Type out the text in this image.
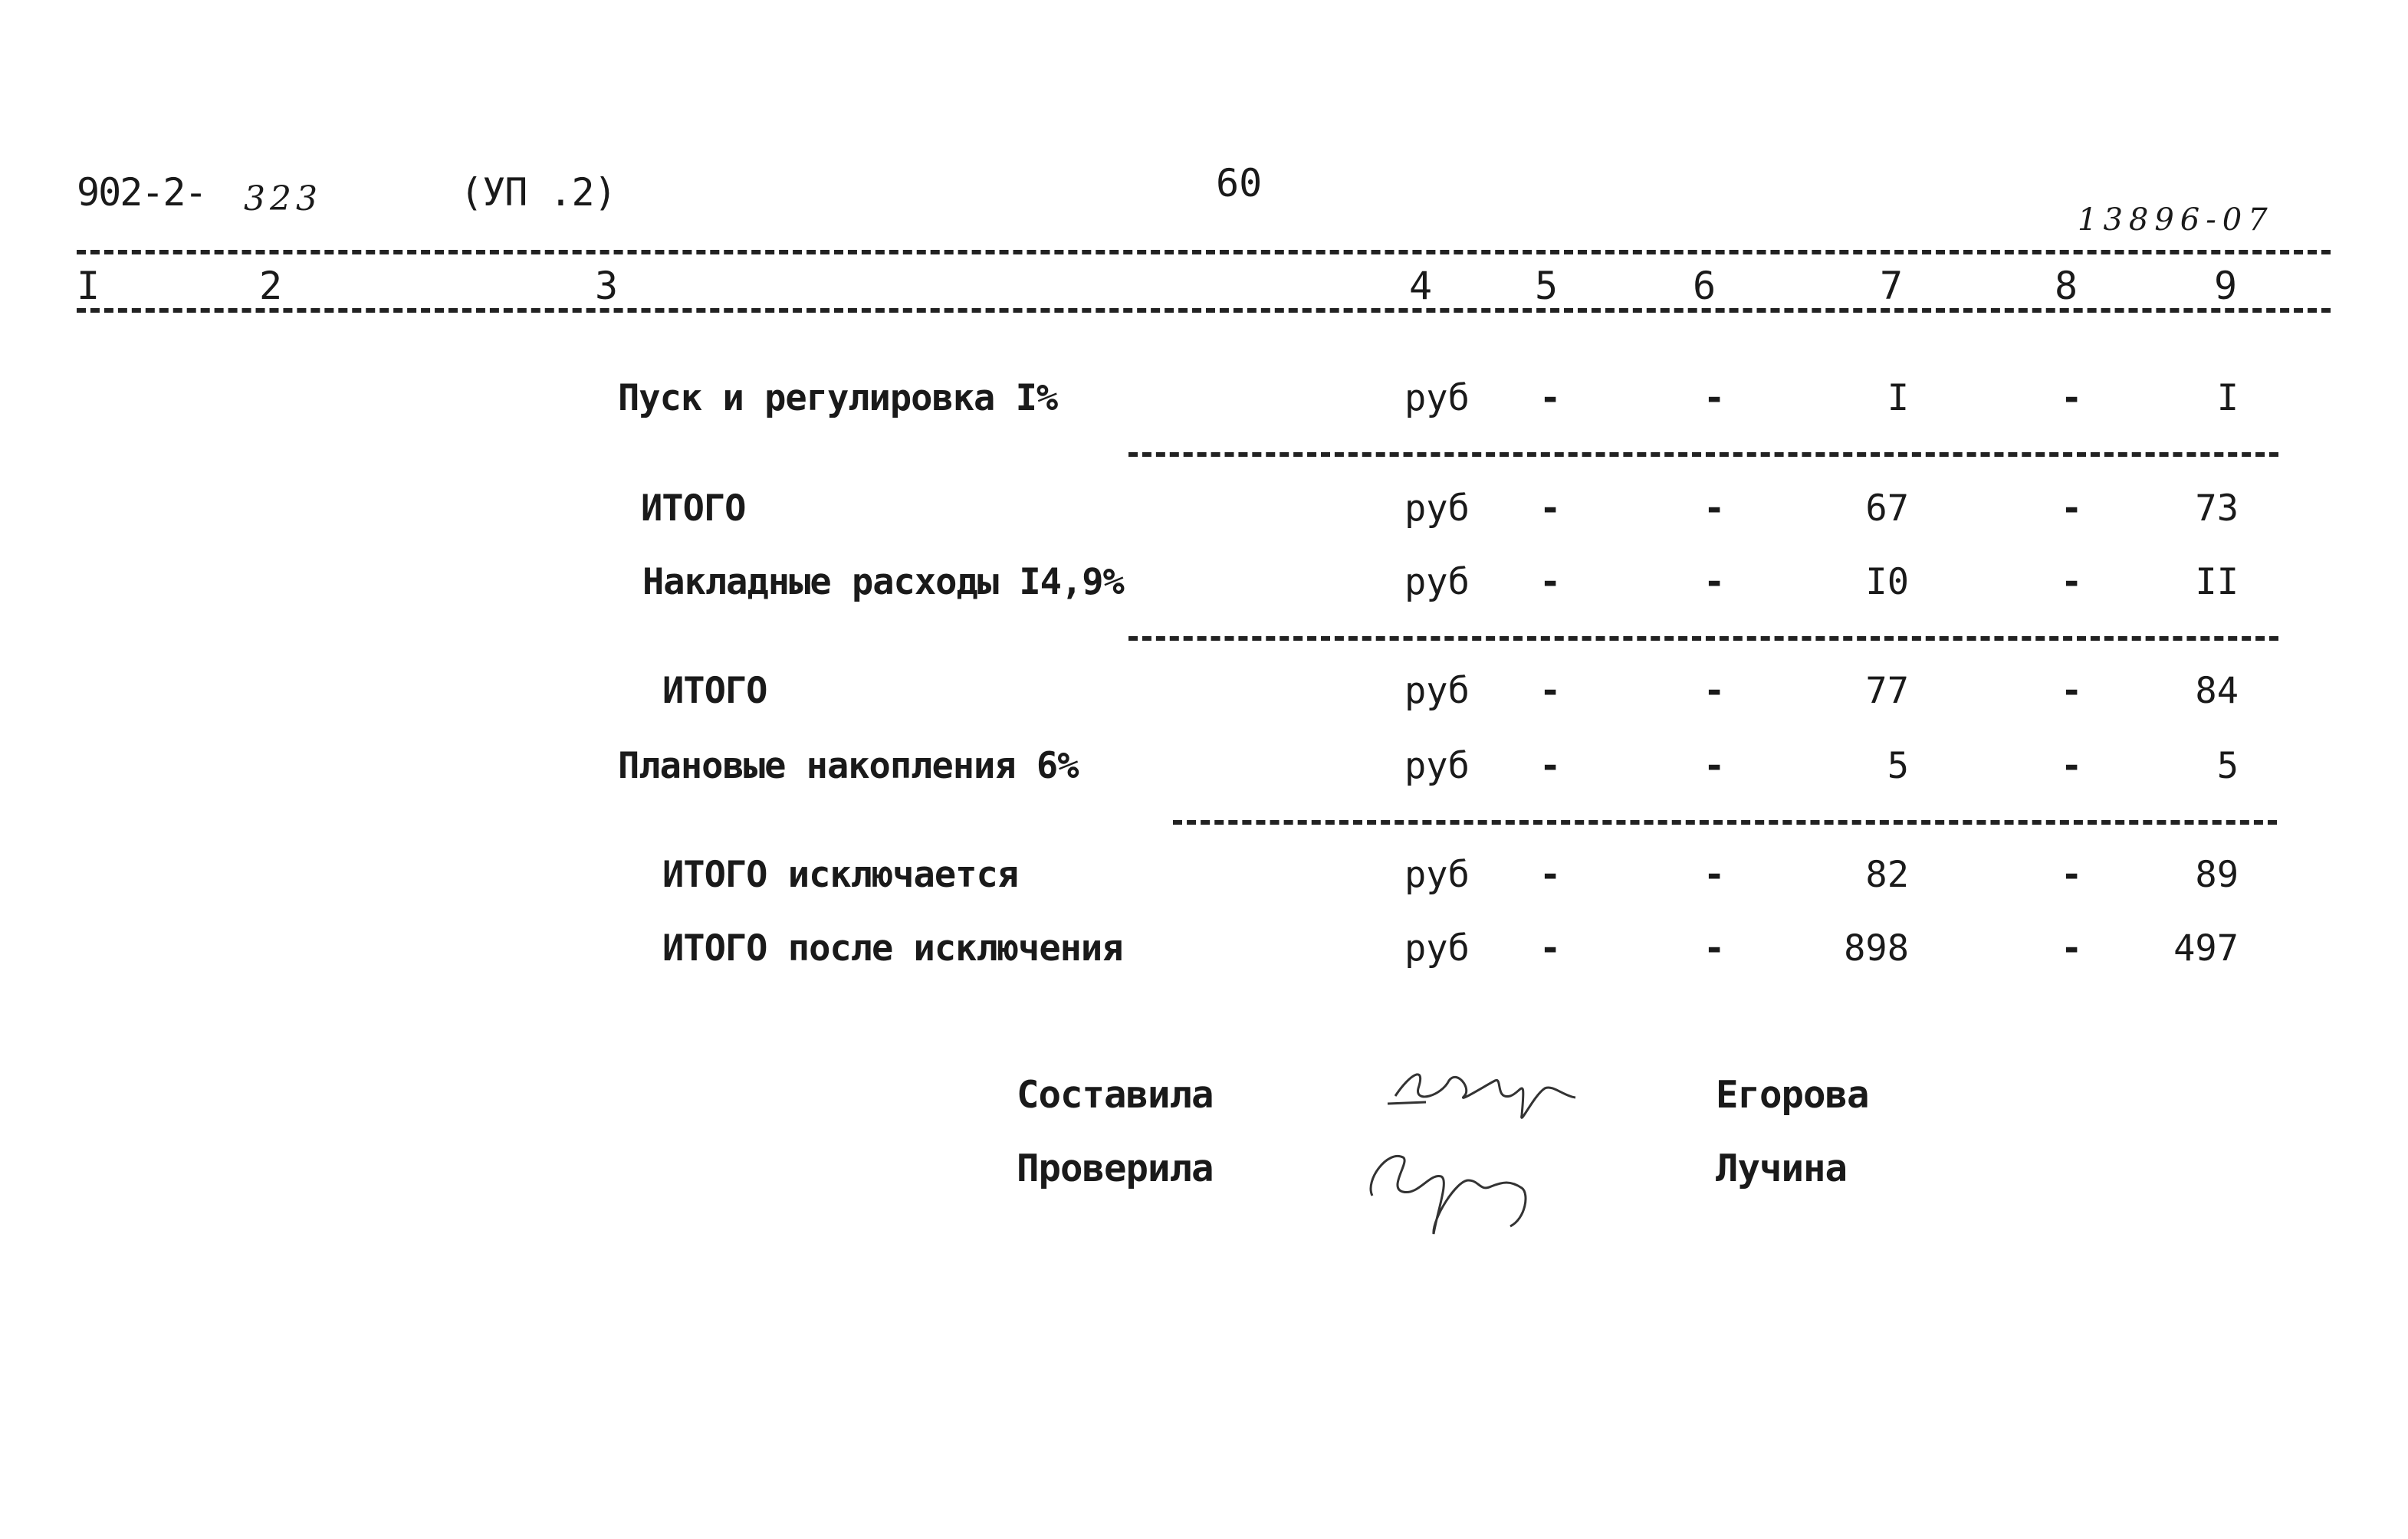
902-2- 323	(УП .2)	60
13896-07
I	2	3	4	5	6	7	8	9
Пуск и регулировка I%	руб -	-	I	-	I
ИТОГО	руб -	-	67	-	73
Накладные расходы I4,9%	руб -	-	I0	-	II
ИТОГО	руб -	-	77	-	84
Плановые накопления 6%	руб -	-	5	-	5
ИТОГО исключается	руб -	-	82	-	89
ИТОГО после исключения	руб -	-	898	-	497
Составила	Егорова
Проверила	Лучина
